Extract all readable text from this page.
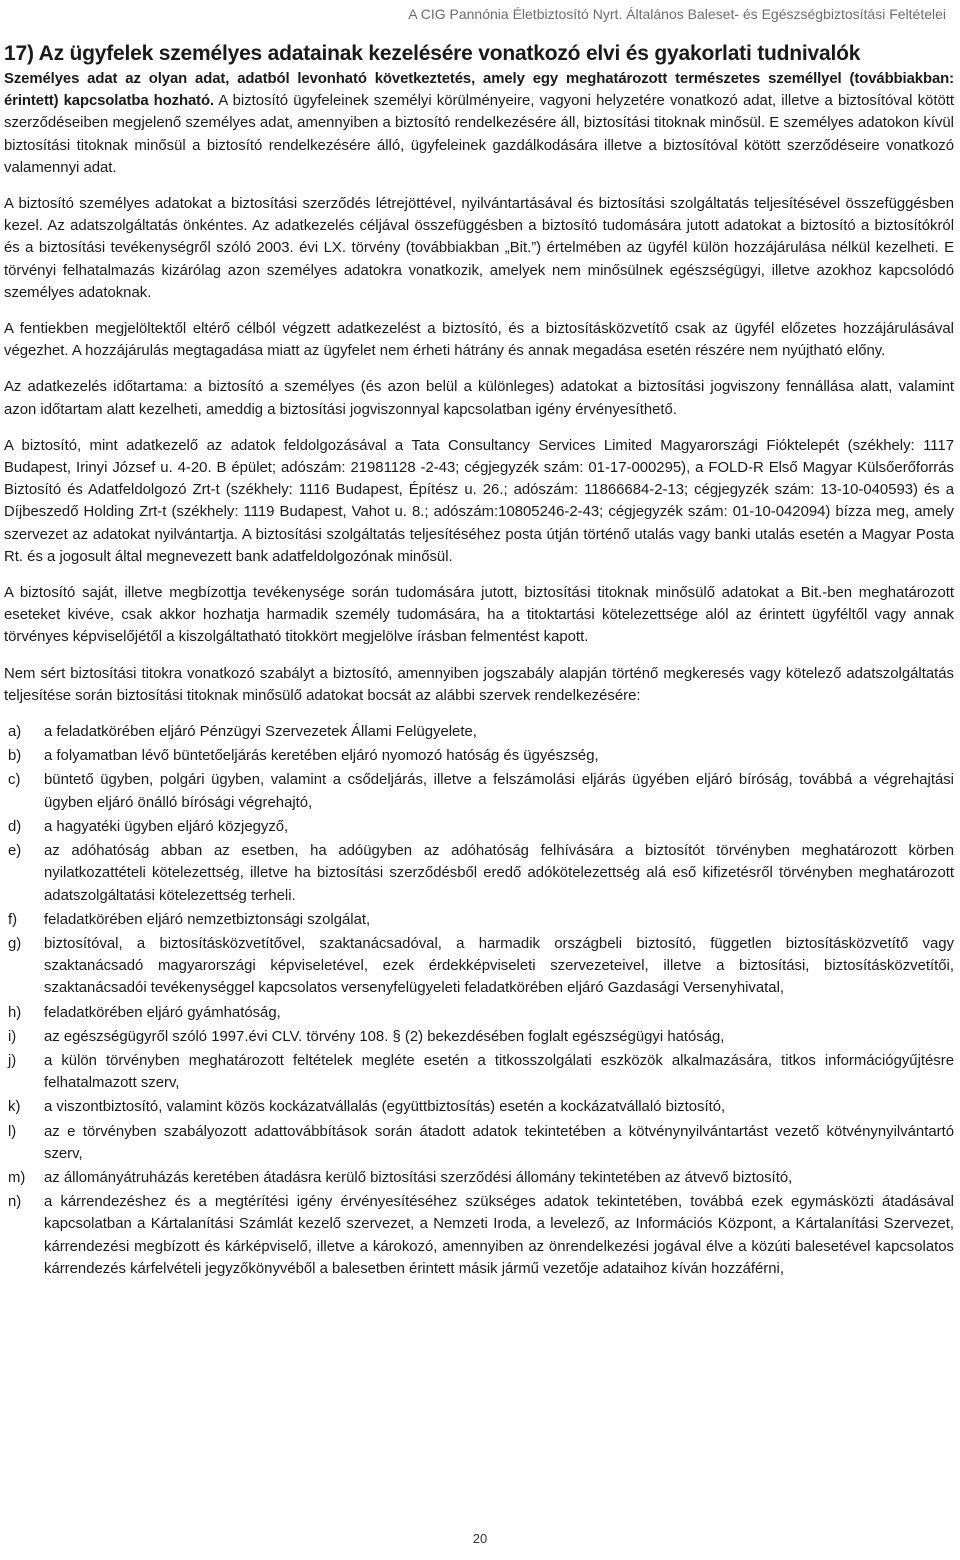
A CIG Pannónia Életbiztosító Nyrt. Általános Baleset- és Egészségbiztosítási Feltételei
17) Az ügyfelek személyes adatainak kezelésére vonatkozó elvi és gyakorlati tudnivalók

Személyes adat az olyan adat, adatból levonható következtetés, amely egy meghatározott természetes személlyel (továbbiakban: érintett) kapcsolatba hozható. A biztosító ügyfeleinek személyi körülményeire, vagyoni helyzetére vonatkozó adat, illetve a biztosítóval kötött szerződéseiben megjelenő személyes adat, amennyiben a biztosító rendelkezésére áll, biztosítási titoknak minősül. E személyes adatokon kívül biztosítási titoknak minősül a biztosító rendelkezésére álló, ügyfeleinek gazdálkodására illetve a biztosítóval kötött szerződéseire vonatkozó valamennyi adat.

A biztosító személyes adatokat a biztosítási szerződés létrejöttével, nyilvántartásával és biztosítási szolgáltatás teljesítésével összefüggésben kezel. Az adatszolgáltatás önkéntes. Az adatkezelés céljával összefüggésben a biztosító tudomására jutott adatokat a biztosító a biztosítókról és a biztosítási tevékenységről szóló 2003. évi LX. törvény (továbbiakban „Bit.”) értelmében az ügyfél külön hozzájárulása nélkül kezelheti. E törvényi felhatalmazás kizárólag azon személyes adatokra vonatkozik, amelyek nem minősülnek egészségügyi, illetve azokhoz kapcsolódó személyes adatoknak.

A fentiekben megjelöltektől eltérő célból végzett adatkezelést a biztosító, és a biztosításközvetítő csak az ügyfél előzetes hozzájárulásával végezhet. A hozzájárulás megtagadása miatt az ügyfelet nem érheti hátrány és annak megadása esetén részére nem nyújtható előny.

Az adatkezelés időtartama: a biztosító a személyes (és azon belül a különleges) adatokat a biztosítási jogviszony fennállása alatt, valamint azon időtartam alatt kezelheti, ameddig a biztosítási jogviszonnyal kapcsolatban igény érvényesíthető.

A biztosító, mint adatkezelő az adatok feldolgozásával a Tata Consultancy Services Limited Magyarországi Fióktelepét (székhely: 1117 Budapest, Irinyi József u. 4-20. B épület; adószám: 21981128 -2-43; cégjegyzék szám: 01-17-000295), a FOLD-R Első Magyar Külsőerőforrás Biztosító és Adatfeldolgozó Zrt-t (székhely: 1116 Budapest, Építész u. 26.; adószám: 11866684-2-13; cégjegyzék szám: 13-10-040593) és a Díjbeszedő Holding Zrt-t (székhely: 1119 Budapest, Vahot u. 8.; adószám:10805246-2-43; cégjegyzék szám: 01-10-042094) bízza meg, amely szervezet az adatokat nyilvántartja. A biztosítási szolgáltatás teljesítéséhez posta útján történő utalás vagy banki utalás esetén a Magyar Posta Rt. és a jogosult által megnevezett bank adatfeldolgozónak minősül.

A biztosító saját, illetve megbízottja tevékenysége során tudomására jutott, biztosítási titoknak minősülő adatokat a Bit.-ben meghatározott eseteket kivéve, csak akkor hozhatja harmadik személy tudomására, ha a titoktartási kötelezettsége alól az érintett ügyféltől vagy annak törvényes képviselőjétől a kiszolgáltatható titokkört megjelölve írásban felmentést kapott.

Nem sért biztosítási titokra vonatkozó szabályt a biztosító, amennyiben jogszabály alapján történő megkeresés vagy kötelező adatszolgáltatás teljesítése során biztosítási titoknak minősülő adatokat bocsát az alábbi szervek rendelkezésére:

a) a feladatkörében eljáró Pénzügyi Szervezetek Állami Felügyelete,
b) a folyamatban lévő büntetőeljárás keretében eljáró nyomozó hatóság és ügyészség,
c) büntető ügyben, polgári ügyben, valamint a csődeljárás, illetve a felszámolási eljárás ügyében eljáró bíróság, továbbá a végrehajtási ügyben eljáró önálló bírósági végrehajtó,
d) a hagyatéki ügyben eljáró közjegyző,
e) az adóhatóság abban az esetben, ha adóügyben az adóhatóság felhívására a biztosítót törvényben meghatározott körben nyilatkozattételi kötelezettség, illetve ha biztosítási szerződésből eredő adókötelezettség alá eső kifizetésről törvényben meghatározott adatszolgáltatási kötelezettség terheli.
f) feladatkörében eljáró nemzetbiztonsági szolgálat,
g) biztosítóval, a biztosításközvetítővel, szaktanácsadóval, a harmadik országbeli biztosító, független biztosításközvetítő vagy szaktanácsadó magyarországi képviseletével, ezek érdekképviseleti szervezeteivel, illetve a biztosítási, biztosításközvetítői, szaktanácsadói tevékenységgel kapcsolatos versenyfelügyeleti feladatkörében eljáró Gazdasági Versenyhivatal,
h) feladatkörében eljáró gyámhatóság,
i) az egészségügyről szóló 1997.évi CLV. törvény 108. § (2) bekezdésében foglalt egészségügyi hatóság,
j) a külön törvényben meghatározott feltételek megléte esetén a titkosszolgálati eszközök alkalmazására, titkos információgyűjtésre felhatalmazott szerv,
k) a viszontbiztosító, valamint közös kockázatvállalás (együttbiztosítás) esetén a kockázatvállaló biztosító,
l) az e törvényben szabályozott adattovábbítások során átadott adatok tekintetében a kötvénynyilvántartást vezető kötvénynyilvántartó szerv,
m) az állományátruházás keretében átadásra kerülő biztosítási szerződési állomány tekintetében az átvevő biztosító,
n) a kárrendezéshez és a megtérítési igény érvényesítéséhez szükséges adatok tekintetében, továbbá ezek egymásközti átadásával kapcsolatban a Kártalanítási Számlát kezelő szervezet, a Nemzeti Iroda, a levelező, az Információs Központ, a Kártalanítási Szervezet, kárrendezési megbízott és kárképviselő, illetve a károkozó, amennyiben az önrendelkezési jogával élve a közúti balesetével kapcsolatos kárrendezés kárfelvételi jegyzőkönyvéből a balesetben érintett másik jármű vezetője adataihoz kíván hozzáférni,
20
